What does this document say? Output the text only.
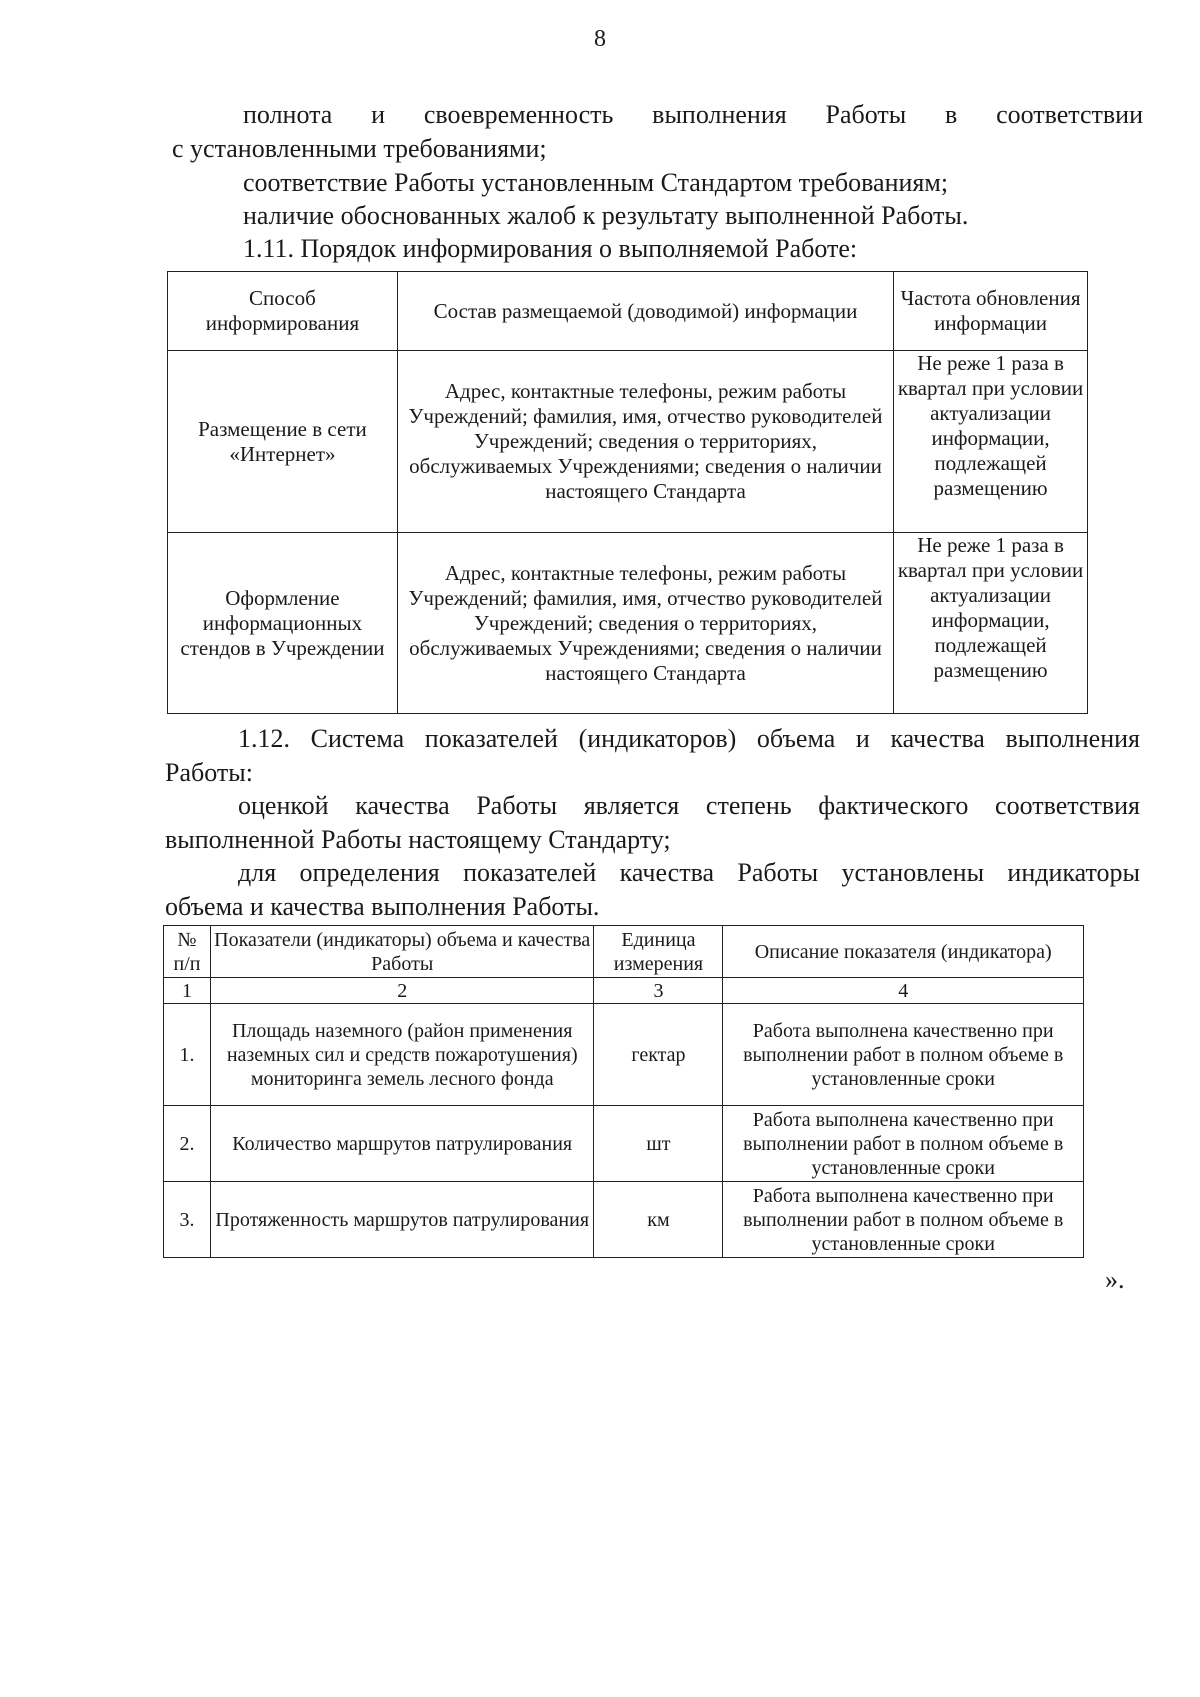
8
полнота и своевременность выполнения Работы в соответствии
с установленными требованиями;
соответствие Работы установленным Стандартом требованиям;
наличие обоснованных жалоб к результату выполненной Работы.
1.11. Порядок информирования о выполняемой Работе:
Способ информирования	Состав размещаемой (доводимой) информации	Частота обновления информации
Размещение в сети «Интернет»	Адрес, контактные телефоны, режим работы Учреждений; фамилия, имя, отчество руководителей Учреждений; сведения о территориях, обслуживаемых Учреждениями; сведения о наличии настоящего Стандарта	Не реже 1 раза в квартал при условии актуализации информации, подлежащей размещению
Оформление информационных стендов в Учреждении	Адрес, контактные телефоны, режим работы Учреждений; фамилия, имя, отчество руководителей Учреждений; сведения о территориях, обслуживаемых Учреждениями; сведения о наличии настоящего Стандарта	Не реже 1 раза в квартал при условии актуализации информации, подлежащей размещению
1.12. Система показателей (индикаторов) объема и качества выполнения
Работы:
оценкой качества Работы является степень фактического соответствия
выполненной Работы настоящему Стандарту;
для определения показателей качества Работы установлены индикаторы
объема и качества выполнения Работы.
№ п/п	Показатели (индикаторы) объема и качества Работы	Единица измерения	Описание показателя (индикатора)
1	2	3	4
1.	Площадь наземного (район применения наземных сил и средств пожаротушения) мониторинга земель лесного фонда	гектар	Работа выполнена качественно при выполнении работ в полном объеме в установленные сроки
2.	Количество маршрутов патрулирования	шт	Работа выполнена качественно при выполнении работ в полном объеме в установленные сроки
3.	Протяженность маршрутов патрулирования	км	Работа выполнена качественно при выполнении работ в полном объеме в установленные сроки
».
